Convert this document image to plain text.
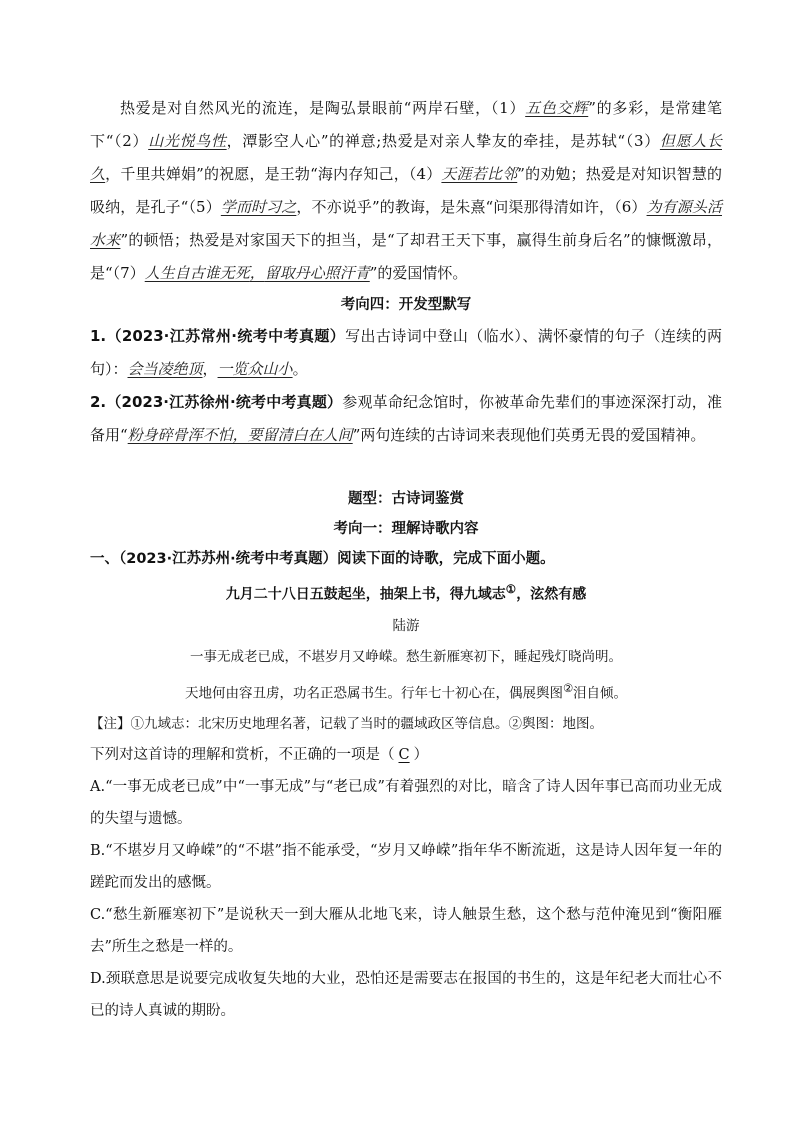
热爱是对自然风光的流连，是陶弘景眼前“两岸石壁，（1）五色交辉”的多彩，是常建笔下“（2）山光悦鸟性，潭影空人心”的禅意;热爱是对亲人挚友的牵挂，是苏轼“（3）但愿人长久，千里共婵娟”的祝愿，是王勃“海内存知己，（4）天涯若比邻”的劝勉；热爱是对知识智慧的吸纳，是孔子“（5）学而时习之，不亦说乎”的教诲，是朱熹“问渠那得清如许，（6）为有源头活水来”的顿悟；热爱是对家国天下的担当，是“了却君王天下事，赢得生前身后名”的慷慨激昂，是“（7）人生自古谁无死，留取丹心照汗青”的爱国情怀。

考向四：开发型默写

1.（2023·江苏常州·统考中考真题）写出古诗词中登山（临水）、满怀豪情的句子（连续的两句）：会当凌绝顶，一览众山小。

2.（2023·江苏徐州·统考中考真题）参观革命纪念馆时，你被革命先辈们的事迹深深打动，准备用“粉身碎骨浑不怕，要留清白在人间”两句连续的古诗词来表现他们英勇无畏的爱国精神。

题型：古诗词鉴赏

考向一：理解诗歌内容

一、（2023·江苏苏州·统考中考真题）阅读下面的诗歌，完成下面小题。

九月二十八日五鼓起坐，抽架上书，得九域志①，泫然有感

陆游

一事无成老已成，不堪岁月又峥嵘。愁生新雁寒初下，睡起残灯晓尚明。

天地何由容丑虏，功名正恐属书生。行年七十初心在，偶展舆图②泪自倾。

【注】①九域志：北宋历史地理名著，记载了当时的疆域政区等信息。②舆图：地图。

下列对这首诗的理解和赏析，不正确的一项是（ C ）

A.“一事无成老已成”中“一事无成”与“老已成”有着强烈的对比，暗含了诗人因年事已高而功业无成的失望与遗憾。

B.“不堪岁月又峥嵘”的“不堪”指不能承受，“岁月又峥嵘”指年华不断流逝，这是诗人因年复一年的蹉跎而发出的感慨。

C.“愁生新雁寒初下”是说秋天一到大雁从北地飞来，诗人触景生愁，这个愁与范仲淹见到“衡阳雁去”所生之愁是一样的。

D.颈联意思是说要完成收复失地的大业，恐怕还是需要志在报国的书生的，这是年纪老大而壮心不已的诗人真诚的期盼。
